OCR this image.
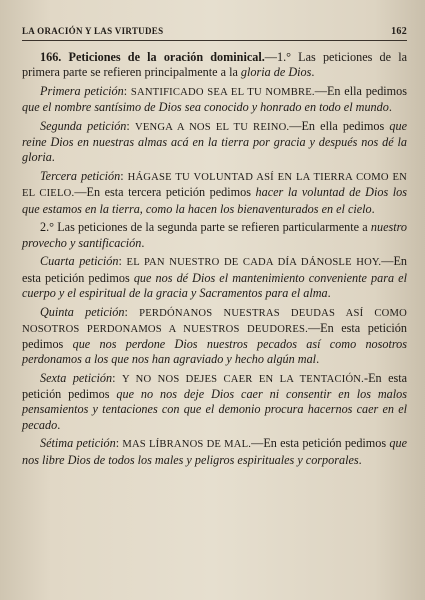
LA ORACIÓN Y LAS VIRTUDES	162

166. Peticiones de la oración dominical.—1.° Las peticiones de la primera parte se refieren principalmente a la gloria de Dios.

Primera petición: SANTIFICADO SEA EL TU NOMBRE.—En ella pedimos que el nombre santísimo de Dios sea conocido y honrado en todo el mundo.

Segunda petición: VENGA A NOS EL TU REINO.—En ella pedimos que reine Dios en nuestras almas acá en la tierra por gracia y después nos dé la gloria.

Tercera petición: HÁGASE TU VOLUNTAD ASÍ EN LA TIERRA COMO EN EL CIELO.—En esta tercera petición pedimos hacer la voluntad de Dios los que estamos en la tierra, como la hacen los bienaventurados en el cielo.

2.° Las peticiones de la segunda parte se refieren particularmente a nuestro provecho y santificación.

Cuarta petición: EL PAN NUESTRO DE CADA DÍA DÁNOSLE HOY.—En esta petición pedimos que nos dé Dios el mantenimiento conveniente para el cuerpo y el espiritual de la gracia y Sacramentos para el alma.

Quinta petición: PERDÓNANOS NUESTRAS DEUDAS ASÍ COMO NOSOTROS PERDONAMOS A NUESTROS DEUDORES.—En esta petición pedimos que nos perdone Dios nuestros pecados así como nosotros perdonamos a los que nos han agraviado y hecho algún mal.

Sexta petición: Y NO NOS DEJES CAER EN LA TENTACIÓN.-En esta petición pedimos que no nos deje Dios caer ni consentir en los malos pensamientos y tentaciones con que el demonio procura hacernos caer en el pecado.

Sétima petición: MAS LÍBRANOS DE MAL.—En esta petición pedimos que nos libre Dios de todos los males y peligros espirituales y corporales.
